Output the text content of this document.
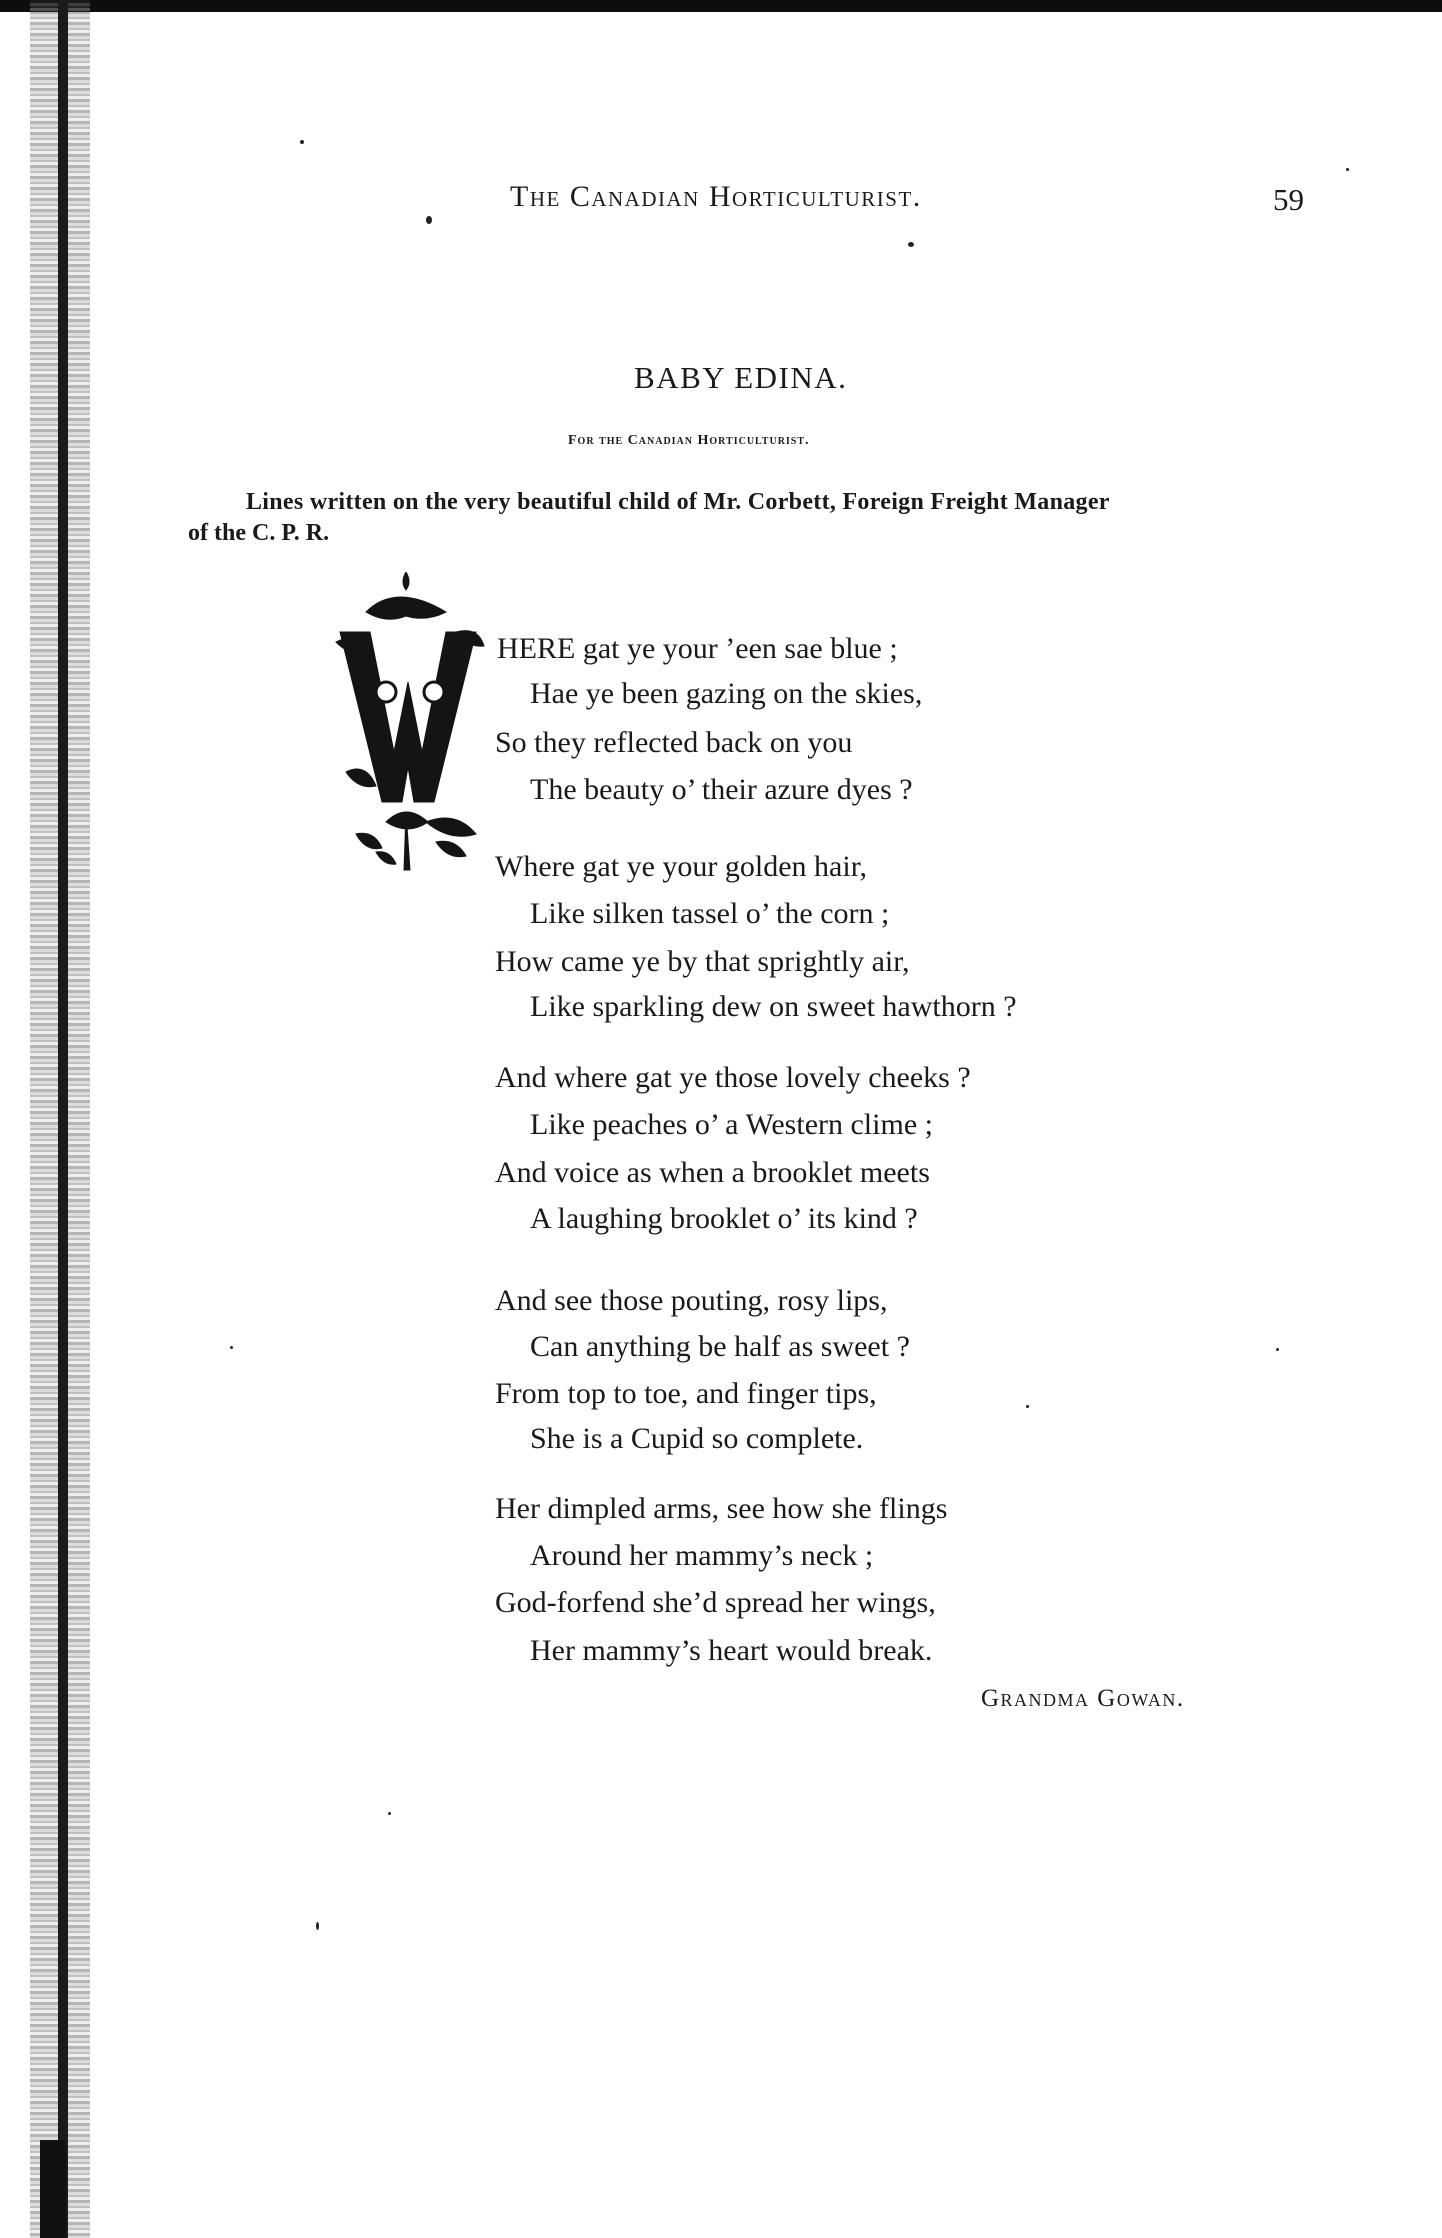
The Canadian Horticulturist.	59
BABY EDINA.
For the Canadian Horticulturist.
Lines written on the very beautiful child of Mr. Corbett, Foreign Freight Manager
of the C. P. R.
HERE gat ye your ’een sae blue ;
Hae ye been gazing on the skies,
So they reflected back on you
The beauty o’ their azure dyes ?
Where gat ye your golden hair,
Like silken tassel o’ the corn ;
How came ye by that sprightly air,
Like sparkling dew on sweet hawthorn ?
And where gat ye those lovely cheeks ?
Like peaches o’ a Western clime ;
And voice as when a brooklet meets
A laughing brooklet o’ its kind ?
And see those pouting, rosy lips,
Can anything be half as sweet ?
From top to toe, and finger tips,
She is a Cupid so complete.
Her dimpled arms, see how she flings
Around her mammy’s neck ;
God-forfend she’d spread her wings,
Her mammy’s heart would break.
Grandma Gowan.
